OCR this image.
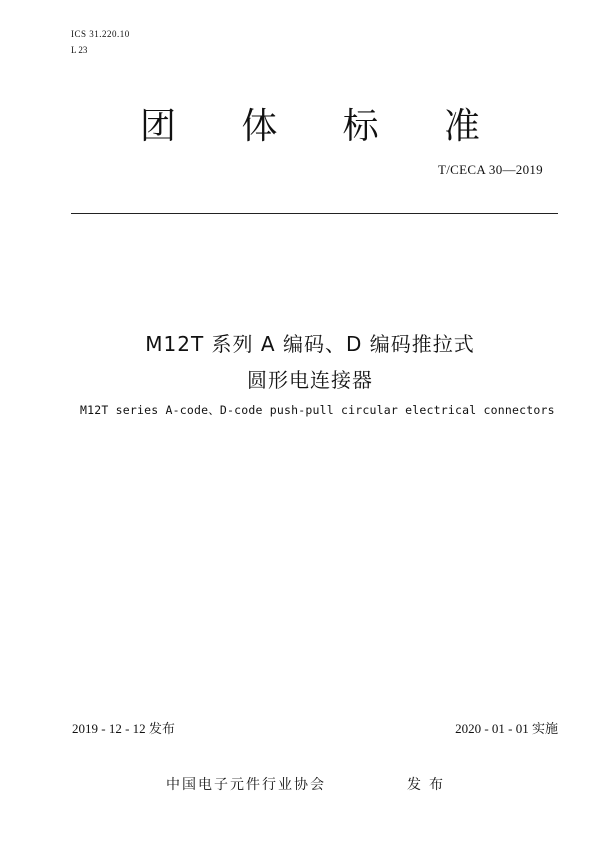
ICS 31.220.10
L 23
团 体 标 准
T/CECA 30—2019
M12T 系列 A 编码、D 编码推拉式
圆形电连接器
M12T series A-code、D-code push-pull circular electrical connectors
2019 - 12 - 12 发布	2020 - 01 - 01 实施
中国电子元件行业协会	发布
